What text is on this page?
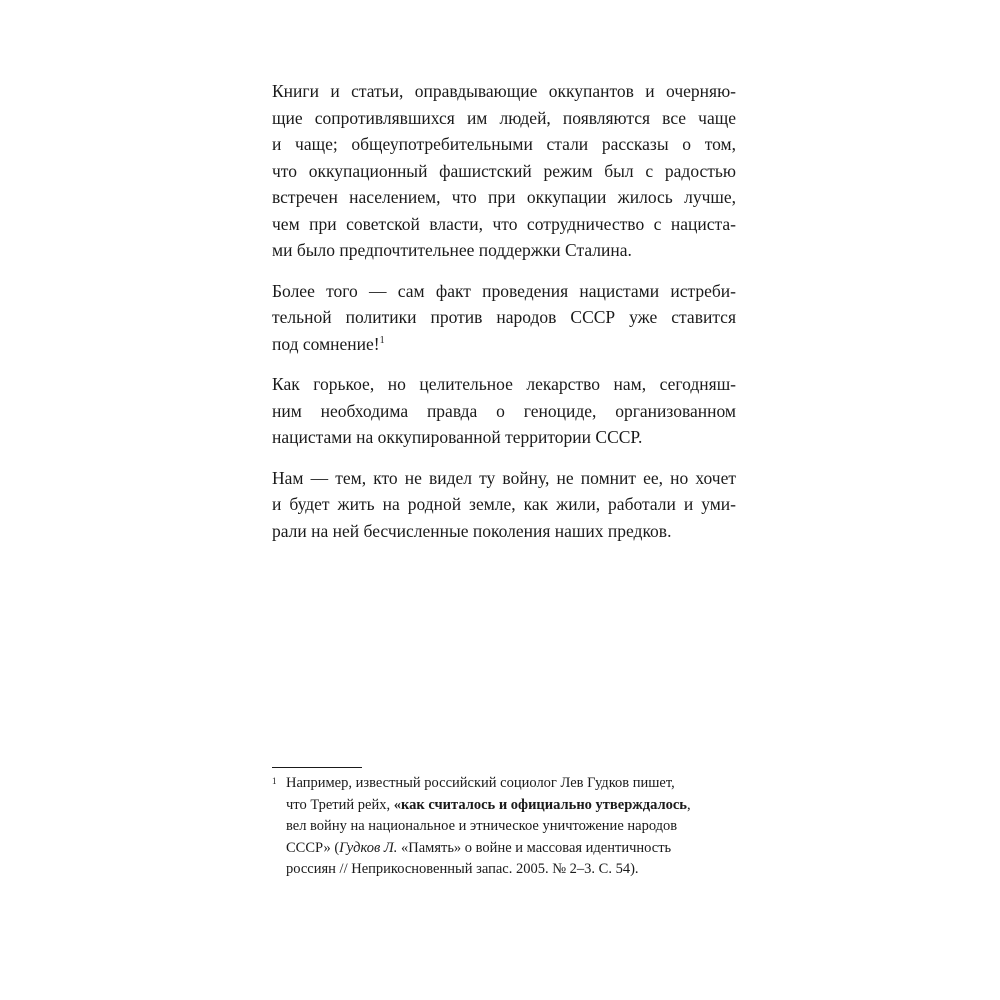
Книги и статьи, оправдывающие оккупантов и очерняю-
щие сопротивлявшихся им людей, появляются все чаще
и чаще; общеупотребительными стали рассказы о том,
что оккупационный фашистский режим был с радостью
встречен населением, что при оккупации жилось лучше,
чем при советской власти, что сотрудничество с нациста-
ми было предпочтительнее поддержки Сталина.

Более того — сам факт проведения нацистами истреби-
тельной политики против народов СССР уже ставится
под сомнение!$^1$

Как горькое, но целительное лекарство нам, сегодняш-
ним необходима правда о геноциде, организованном
нацистами на оккупированной территории СССР.

Нам — тем, кто не видел ту войну, не помнит ее, но хочет
и будет жить на родной земле, как жили, работали и уми-
рали на ней бесчисленные поколения наших предков.

1 Например, известный российский социолог Лев Гудков пишет,
что Третий рейх, «как считалось и официально утверждалось,
вел войну на национальное и этническое уничтожение народов
СССР» (Гудков Л. «Память» о войне и массовая идентичность
россиян // Неприкосновенный запас. 2005. № 2–3. С. 54).
